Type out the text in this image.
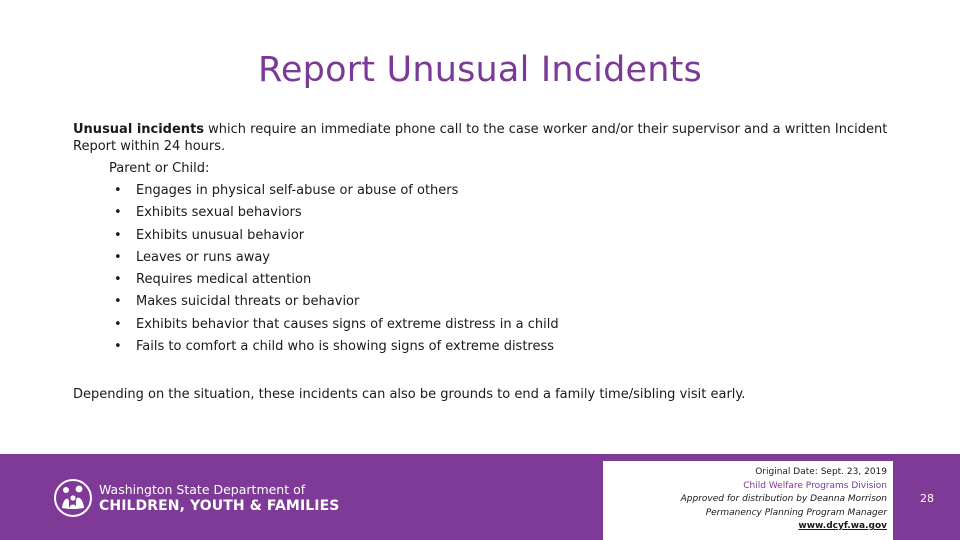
Report Unusual Incidents

Unusual incidents which require an immediate phone call to the case worker and/or their supervisor and a written Incident Report within 24 hours.

Parent or Child:
• Engages in physical self-abuse or abuse of others
• Exhibits sexual behaviors
• Exhibits unusual behavior
• Leaves or runs away
• Requires medical attention
• Makes suicidal threats or behavior
• Exhibits behavior that causes signs of extreme distress in a child
• Fails to comfort a child who is showing signs of extreme distress
Depending on the situation, these incidents can also be grounds to end a family time/sibling visit early.
Washington State Department of
CHILDREN, YOUTH & FAMILIES
Original Date: Sept. 23, 2019
Child Welfare Programs Division
Approved for distribution by Deanna Morrison
Permanency Planning Program Manager
www.dcyf.wa.gov
28
